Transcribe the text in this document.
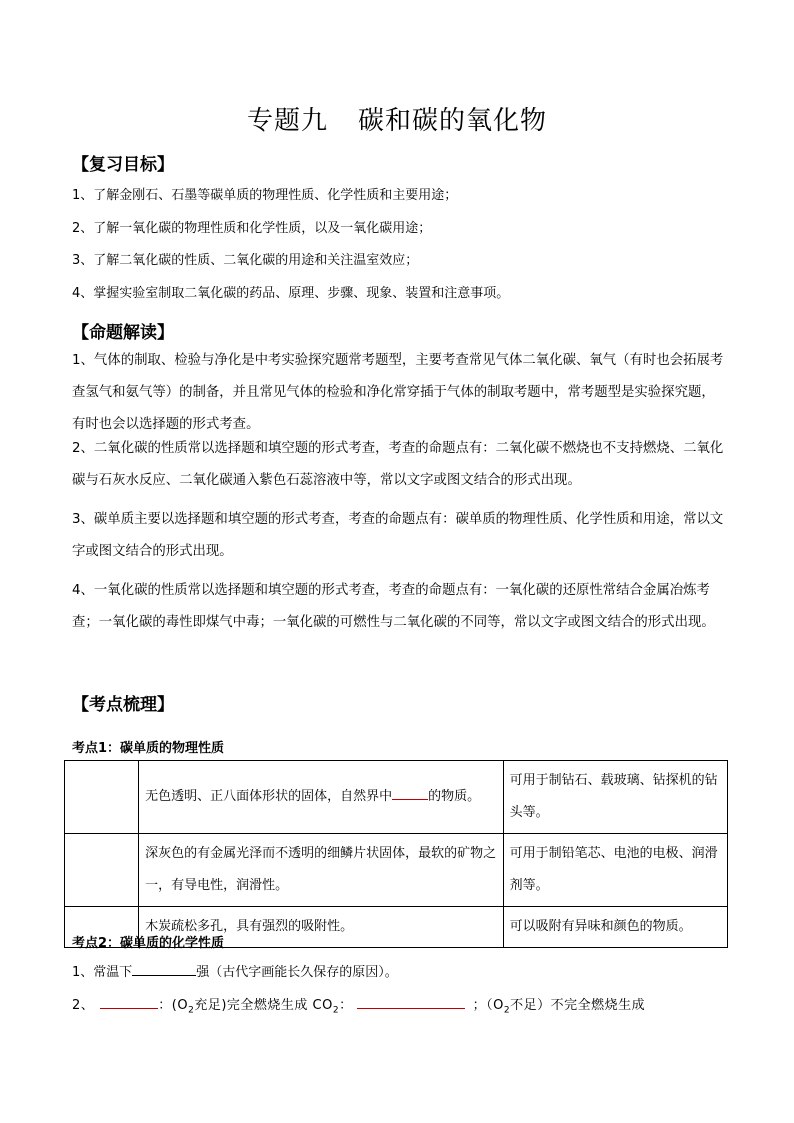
专题九 碳和碳的氧化物
【复习目标】
1、了解金刚石、石墨等碳单质的物理性质、化学性质和主要用途；
2、了解一氧化碳的物理性质和化学性质，以及一氧化碳用途；
3、了解二氧化碳的性质、二氧化碳的用途和关注温室效应；
4、掌握实验室制取二氧化碳的药品、原理、步骤、现象、装置和注意事项。
【命题解读】
1、气体的制取、检验与净化是中考实验探究题常考题型，主要考查常见气体二氧化碳、氧气（有时也会拓展考查氢气和氨气等）的制备，并且常见气体的检验和净化常穿插于气体的制取考题中，常考题型是实验探究题，有时也会以选择题的形式考查。
2、二氧化碳的性质常以选择题和填空题的形式考查，考查的命题点有：二氧化碳不燃烧也不支持燃烧、二氧化碳与石灰水反应、二氧化碳通入紫色石蕊溶液中等，常以文字或图文结合的形式出现。
3、碳单质主要以选择题和填空题的形式考查，考查的命题点有：碳单质的物理性质、化学性质和用途，常以文字或图文结合的形式出现。
4、一氧化碳的性质常以选择题和填空题的形式考查，考查的命题点有：一氧化碳的还原性常结合金属冶炼考查；一氧化碳的毒性即煤气中毒；一氧化碳的可燃性与二氧化碳的不同等，常以文字或图文结合的形式出现。
【考点梳理】
考点1：碳单质的物理性质
	无色透明、正八面体形状的固体，自然界中 的物质。	可用于制钻石、载玻璃、钻探机的钻头等。
	深灰色的有金属光泽而不透明的细鳞片状固体，最软的矿物之一，有导电性，润滑性。	可用于制铅笔芯、电池的电极、润滑剂等。
	木炭疏松多孔，具有强烈的吸附性。	可以吸附有异味和颜色的物质。
考点2：碳单质的化学性质
1、常温下	强（古代字画能长久保存的原因）。
2、	：($O_2$充足)完全燃烧生成 $CO_2$：	；（$O_2$不足）不完全燃烧生成
